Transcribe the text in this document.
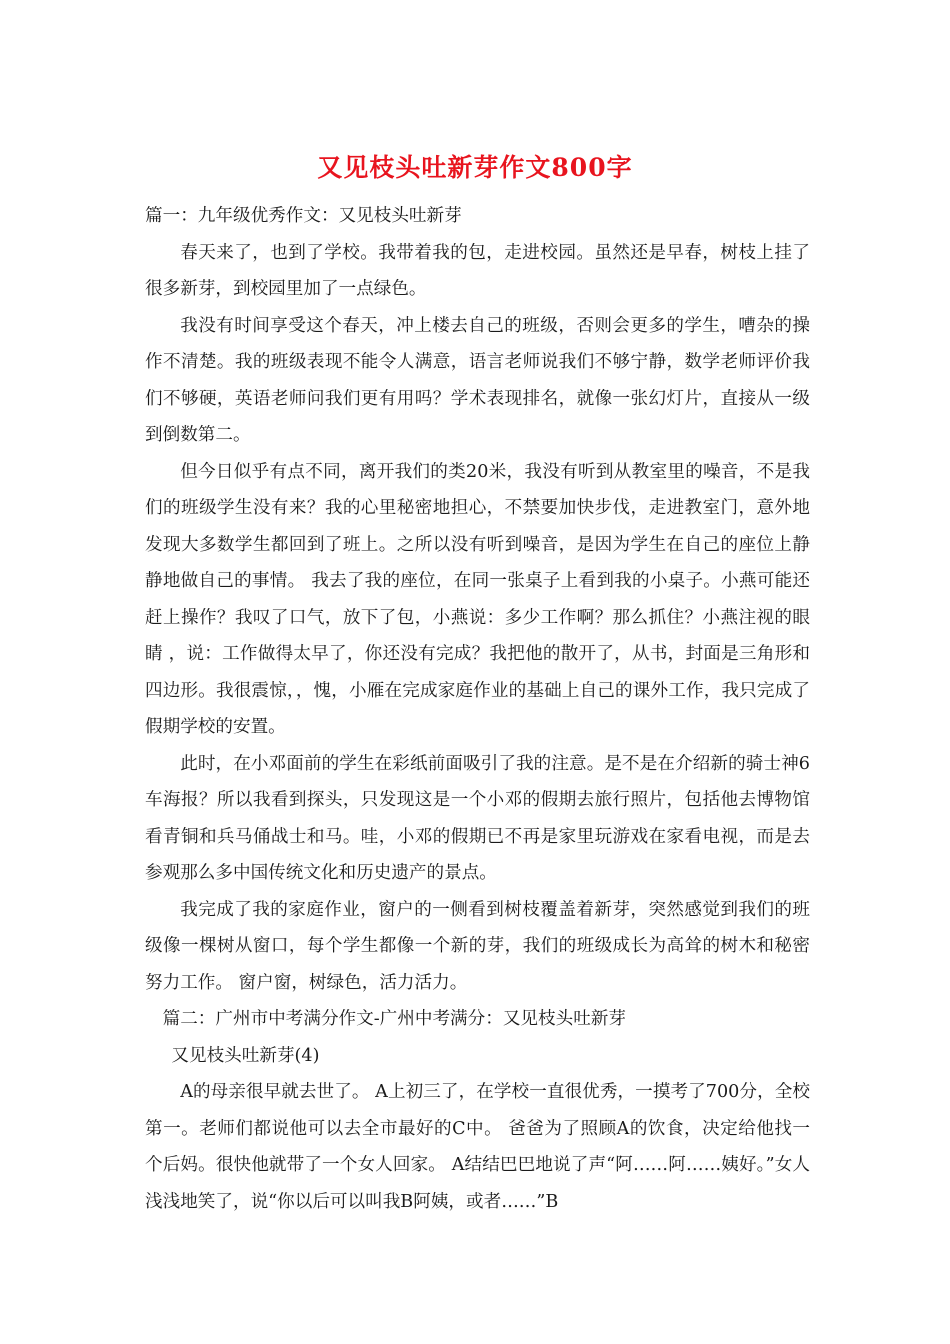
又见枝头吐新芽作文800字

篇一：九年级优秀作文：又见枝头吐新芽

春天来了，也到了学校。我带着我的包，走进校园。虽然还是早春，树枝上挂了很多新芽，到校园里加了一点绿色。

我没有时间享受这个春天，冲上楼去自己的班级，否则会更多的学生，嘈杂的操作不清楚。我的班级表现不能令人满意，语言老师说我们不够宁静，数学老师评价我们不够硬，英语老师问我们更有用吗？学术表现排名，就像一张幻灯片，直接从一级到倒数第二。

但今日似乎有点不同，离开我们的类20米，我没有听到从教室里的噪音，不是我们的班级学生没有来？我的心里秘密地担心，不禁要加快步伐，走进教室门，意外地发现大多数学生都回到了班上。之所以没有听到噪音，是因为学生在自己的座位上静静地做自己的事情。 我去了我的座位，在同一张桌子上看到我的小桌子。小燕可能还赶上操作？我叹了口气，放下了包，小燕说：多少工作啊？那么抓住？小燕注视的眼睛 ，说：工作做得太早了，你还没有完成？我把他的散开了，从书，封面是三角形和四边形。我很震惊，，愧，小雁在完成家庭作业的基础上自己的课外工作，我只完成了假期学校的安置。

此时，在小邓面前的学生在彩纸前面吸引了我的注意。是不是在介绍新的骑士神6车海报？所以我看到探头，只发现这是一个小邓的假期去旅行照片，包括他去博物馆看青铜和兵马俑战士和马。哇，小邓的假期已不再是家里玩游戏在家看电视，而是去参观那么多中国传统文化和历史遗产的景点。

我完成了我的家庭作业，窗户的一侧看到树枝覆盖着新芽，突然感觉到我们的班级像一棵树从窗口，每个学生都像一个新的芽，我们的班级成长为高耸的树木和秘密努力工作。 窗户窗，树绿色，活力活力。

篇二：广州市中考满分作文-广州中考满分：又见枝头吐新芽

又见枝头吐新芽(4)

A的母亲很早就去世了。 A上初三了，在学校一直很优秀，一摸考了700分，全校第一。老师们都说他可以去全市最好的C中。 爸爸为了照顾A的饮食，决定给他找一个后妈。很快他就带了一个女人回家。 A结结巴巴地说了声“阿……阿……姨好。”女人浅浅地笑了，说“你以后可以叫我B阿姨，或者……”B
